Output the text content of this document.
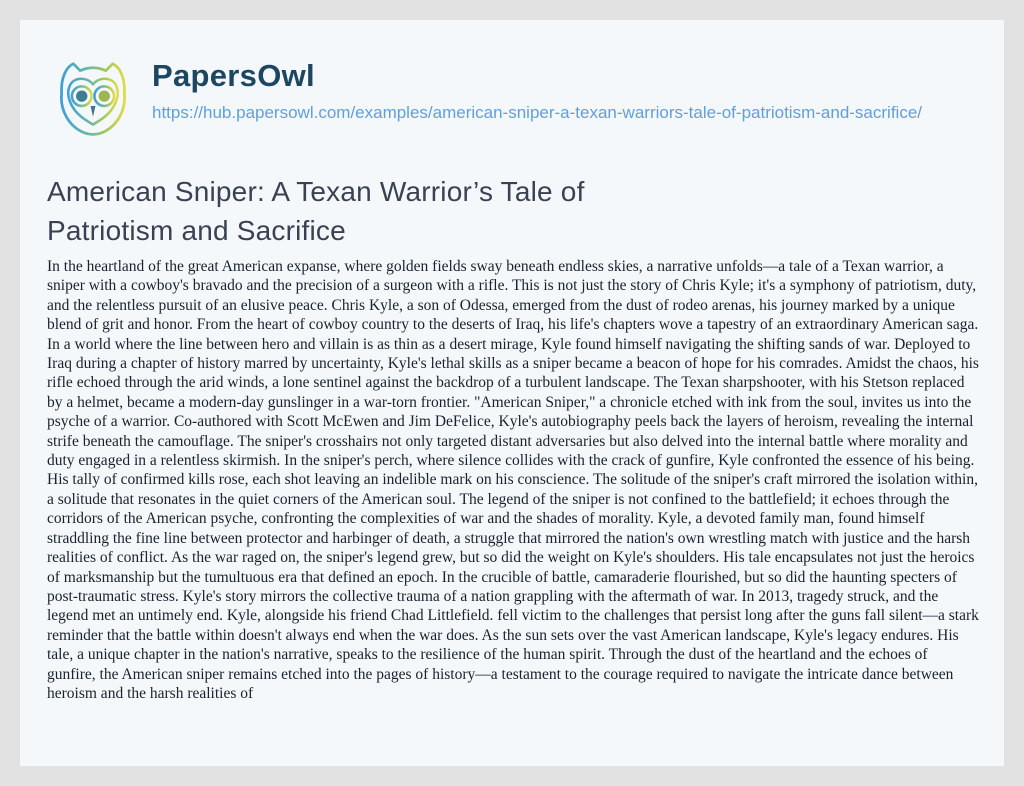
PapersOwl
https://hub.papersowl.com/examples/american-sniper-a-texan-warriors-tale-of-patriotism-and-sacrifice/
American Sniper: A Texan Warrior’s Tale of
Patriotism and Sacrifice

In the heartland of the great American expanse, where golden fields sway beneath endless skies, a narrative unfolds—a tale of a Texan warrior, a sniper with a cowboy's bravado and the precision of a surgeon with a rifle. This is not just the story of Chris Kyle; it's a symphony of patriotism, duty, and the relentless pursuit of an elusive peace. Chris Kyle, a son of Odessa, emerged from the dust of rodeo arenas, his journey marked by a unique blend of grit and honor. From the heart of cowboy country to the deserts of Iraq, his life's chapters wove a tapestry of an extraordinary American saga. In a world where the line between hero and villain is as thin as a desert mirage, Kyle found himself navigating the shifting sands of war. Deployed to Iraq during a chapter of history marred by uncertainty, Kyle's lethal skills as a sniper became a beacon of hope for his comrades. Amidst the chaos, his rifle echoed through the arid winds, a lone sentinel against the backdrop of a turbulent landscape. The Texan sharpshooter, with his Stetson replaced by a helmet, became a modern-day gunslinger in a war-torn frontier. "American Sniper," a chronicle etched with ink from the soul, invites us into the psyche of a warrior. Co-authored with Scott McEwen and Jim DeFelice, Kyle's autobiography peels back the layers of heroism, revealing the internal strife beneath the camouflage. The sniper's crosshairs not only targeted distant adversaries but also delved into the internal battle where morality and duty engaged in a relentless skirmish. In the sniper's perch, where silence collides with the crack of gunfire, Kyle confronted the essence of his being. His tally of confirmed kills rose, each shot leaving an indelible mark on his conscience. The solitude of the sniper's craft mirrored the isolation within, a solitude that resonates in the quiet corners of the American soul. The legend of the sniper is not confined to the battlefield; it echoes through the corridors of the American psyche, confronting the complexities of war and the shades of morality. Kyle, a devoted family man, found himself straddling the fine line between protector and harbinger of death, a struggle that mirrored the nation's own wrestling match with justice and the harsh realities of conflict. As the war raged on, the sniper's legend grew, but so did the weight on Kyle's shoulders. His tale encapsulates not just the heroics of marksmanship but the tumultuous era that defined an epoch. In the crucible of battle, camaraderie flourished, but so did the haunting specters of post-traumatic stress. Kyle's story mirrors the collective trauma of a nation grappling with the aftermath of war. In 2013, tragedy struck, and the legend met an untimely end. Kyle, alongside his friend Chad Littlefield. fell victim to the challenges that persist long after the guns fall silent—a stark reminder that the battle within doesn't always end when the war does. As the sun sets over the vast American landscape, Kyle's legacy endures. His tale, a unique chapter in the nation's narrative, speaks to the resilience of the human spirit. Through the dust of the heartland and the echoes of gunfire, the American sniper remains etched into the pages of history—a testament to the courage required to navigate the intricate dance between heroism and the harsh realities of
